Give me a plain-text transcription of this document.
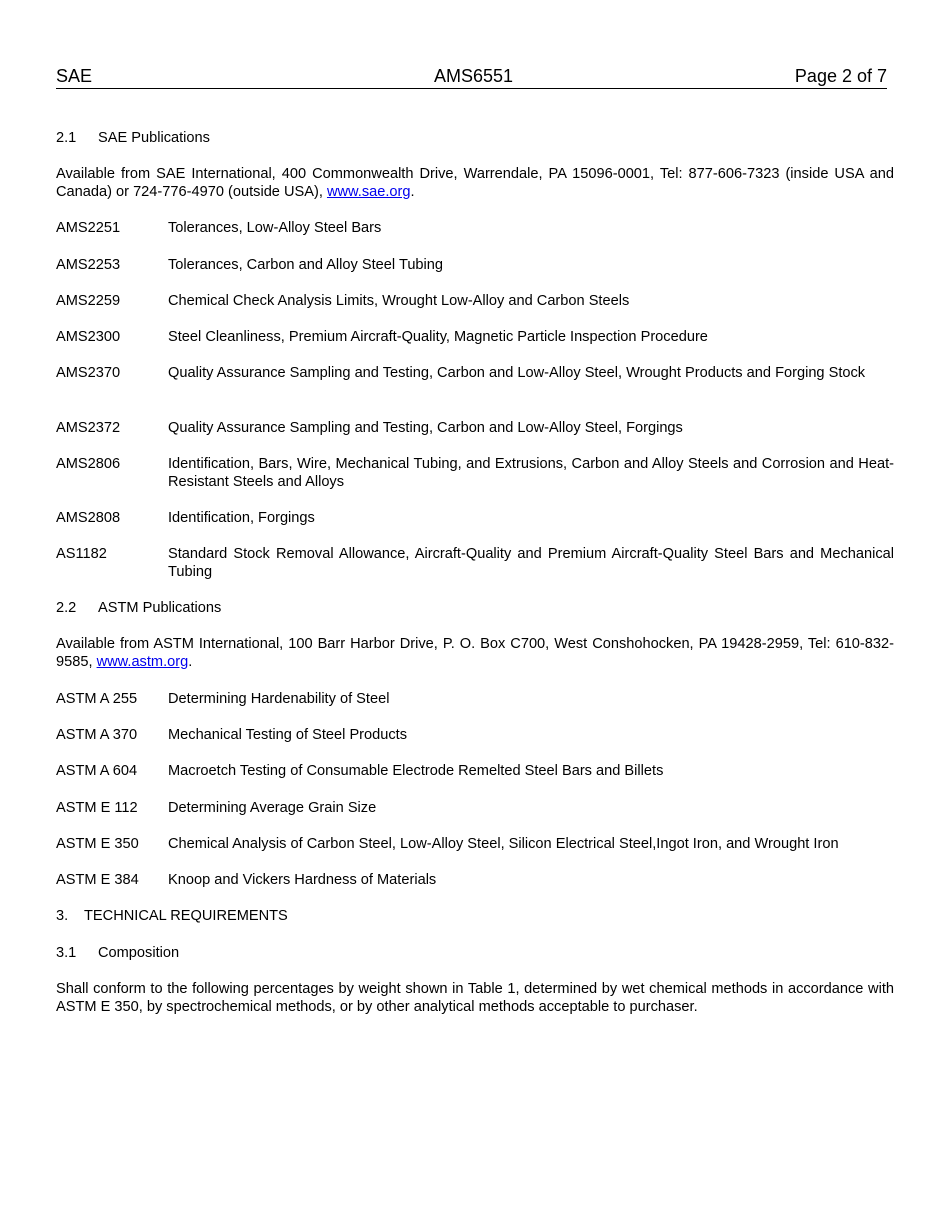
SAE	AMS6551	Page 2 of 7
2.1 SAE Publications
Available from SAE International, 400 Commonwealth Drive, Warrendale, PA 15096-0001, Tel: 877-606-7323 (inside USA and Canada) or 724-776-4970 (outside USA), www.sae.org.
AMS2251	Tolerances, Low-Alloy Steel Bars
AMS2253	Tolerances, Carbon and Alloy Steel Tubing
AMS2259	Chemical Check Analysis Limits, Wrought Low-Alloy and Carbon Steels
AMS2300	Steel Cleanliness, Premium Aircraft-Quality, Magnetic Particle Inspection Procedure
AMS2370	Quality Assurance Sampling and Testing, Carbon and Low-Alloy Steel, Wrought Products and Forging Stock
AMS2372	Quality Assurance Sampling and Testing, Carbon and Low-Alloy Steel, Forgings
AMS2806	Identification, Bars, Wire, Mechanical Tubing, and Extrusions, Carbon and Alloy Steels and Corrosion and Heat-Resistant Steels and Alloys
AMS2808	Identification, Forgings
AS1182	Standard Stock Removal Allowance, Aircraft-Quality and Premium Aircraft-Quality Steel Bars and Mechanical Tubing
2.2 ASTM Publications
Available from ASTM International, 100 Barr Harbor Drive, P. O. Box C700, West Conshohocken, PA 19428-2959, Tel: 610-832-9585, www.astm.org.
ASTM A 255	Determining Hardenability of Steel
ASTM A 370	Mechanical Testing of Steel Products
ASTM A 604	Macroetch Testing of Consumable Electrode Remelted Steel Bars and Billets
ASTM E 112	Determining Average Grain Size
ASTM E 350	Chemical Analysis of Carbon Steel, Low-Alloy Steel, Silicon Electrical Steel,Ingot Iron, and Wrought Iron
ASTM E 384	Knoop and Vickers Hardness of Materials
3. TECHNICAL REQUIREMENTS
3.1 Composition
Shall conform to the following percentages by weight shown in Table 1, determined by wet chemical methods in accordance with ASTM E 350, by spectrochemical methods, or by other analytical methods acceptable to purchaser.
